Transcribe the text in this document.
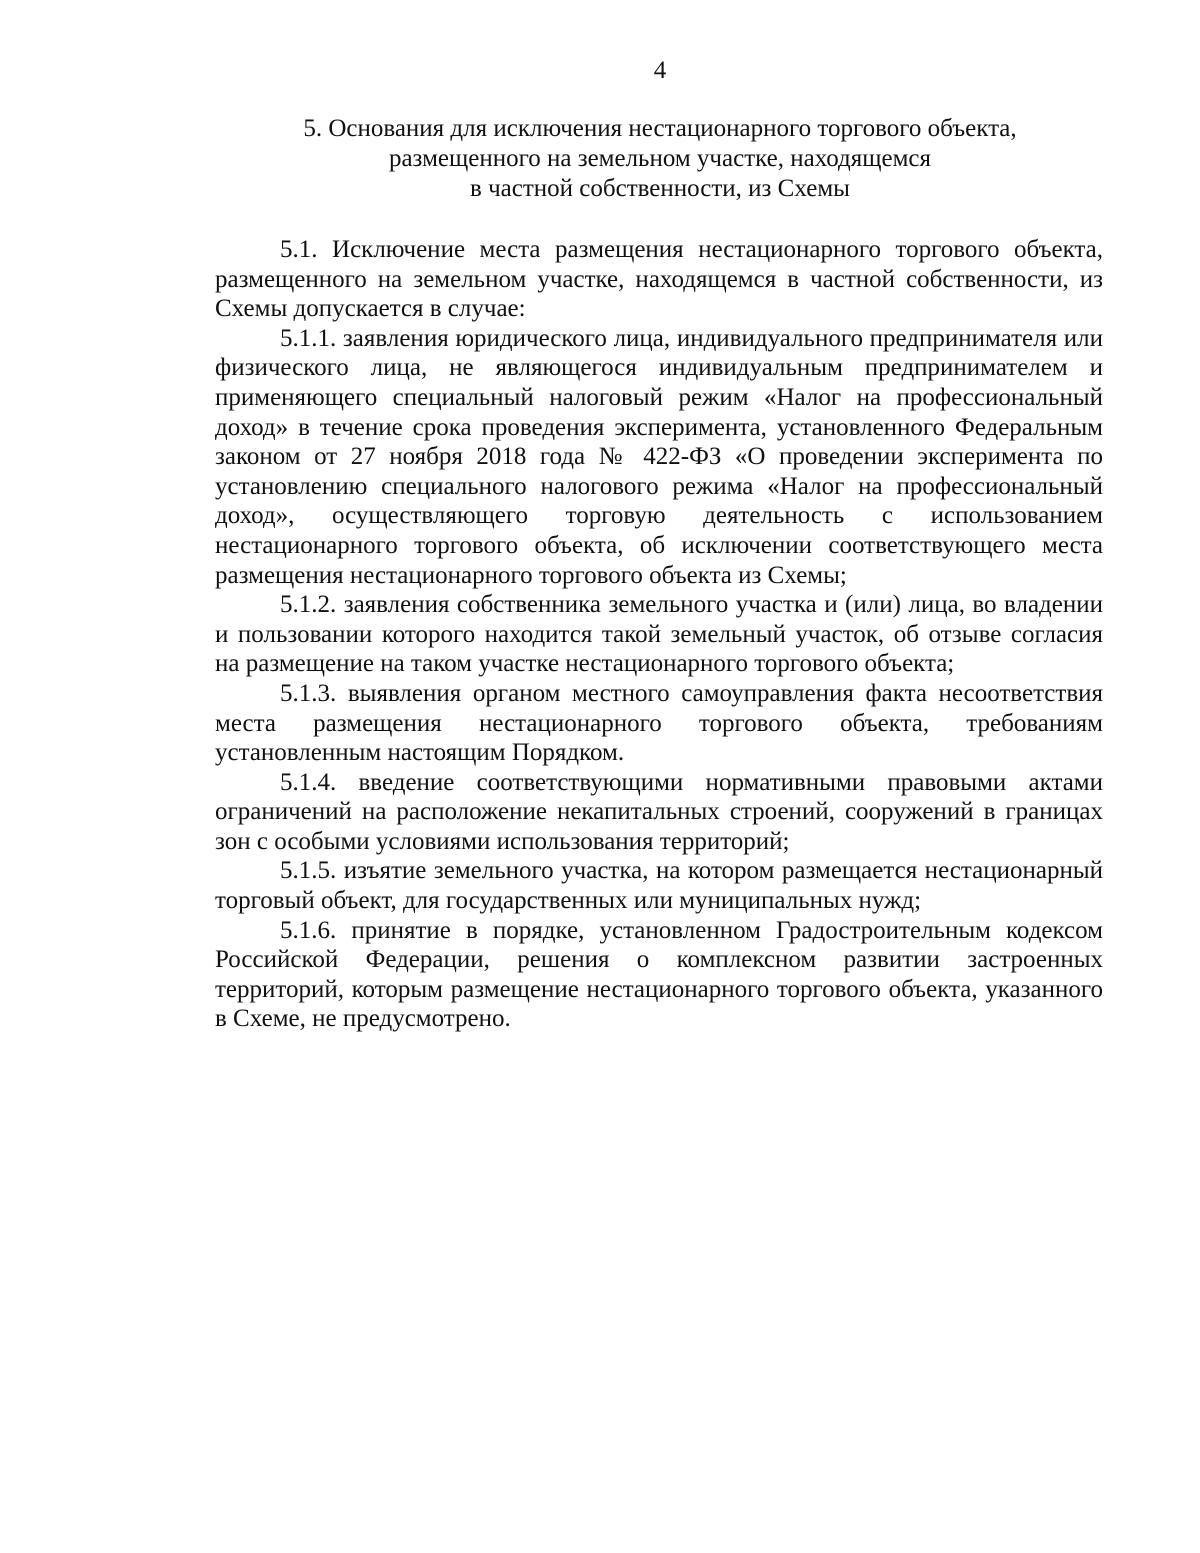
4
5. Основания для исключения нестационарного торгового объекта,
размещенного на земельном участке, находящемся
в частной собственности, из Схемы

5.1. Исключение места размещения нестационарного торгового объекта, размещенного на земельном участке, находящемся в частной собственности, из Схемы допускается в случае:

5.1.1. заявления юридического лица, индивидуального предпринимателя или физического лица, не являющегося индивидуальным предпринимателем и применяющего специальный налоговый режим «Налог на профессиональный доход» в течение срока проведения эксперимента, установленного Федеральным законом от 27 ноября 2018 года № 422-ФЗ «О проведении эксперимента по установлению специального налогового режима «Налог на профессиональный доход», осуществляющего торговую деятельность с использованием нестационарного торгового объекта, об исключении соответствующего места размещения нестационарного торгового объекта из Схемы;

5.1.2. заявления собственника земельного участка и (или) лица, во владении и пользовании которого находится такой земельный участок, об отзыве согласия на размещение на таком участке нестационарного торгового объекта;

5.1.3. выявления органом местного самоуправления факта несоответствия места размещения нестационарного торгового объекта, требованиям установленным настоящим Порядком.

5.1.4. введение соответствующими нормативными правовыми актами ограничений на расположение некапитальных строений, сооружений в границах зон с особыми условиями использования территорий;

5.1.5. изъятие земельного участка, на котором размещается нестационарный торговый объект, для государственных или муниципальных нужд;

5.1.6. принятие в порядке, установленном Градостроительным кодексом Российской Федерации, решения о комплексном развитии застроенных территорий, которым размещение нестационарного торгового объекта, указанного в Схеме, не предусмотрено.
